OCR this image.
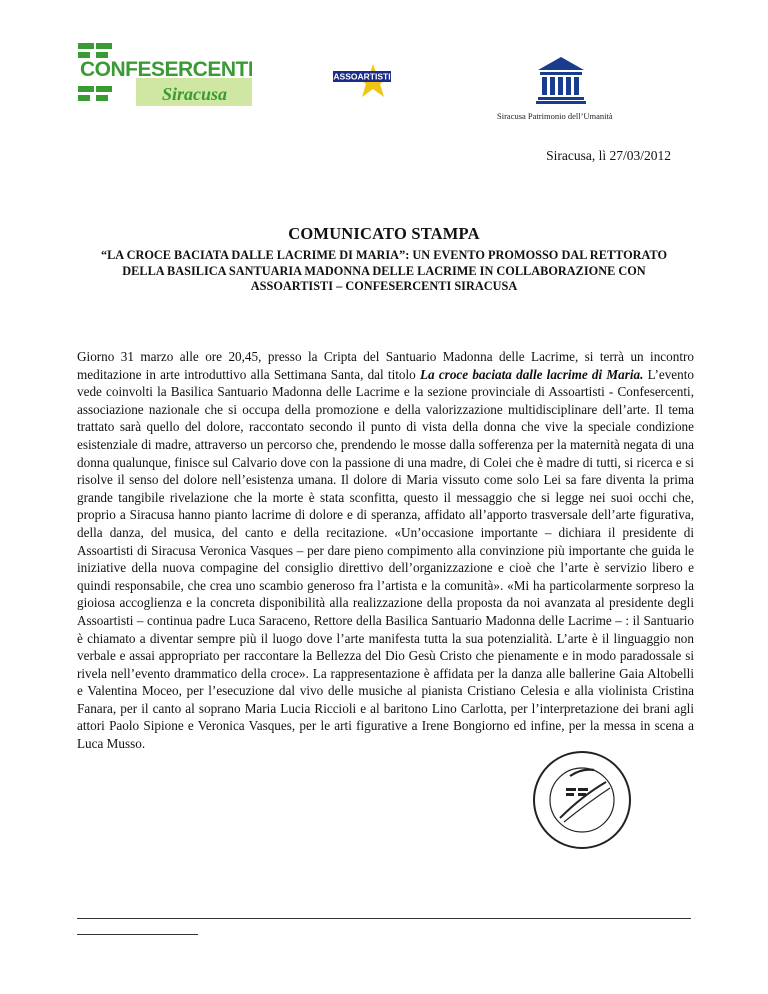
CONFESERCENTI
Siracusa
ASSOARTISTI
Siracusa Patrimonio dell’Umanità
Siracusa, lì 27/03/2012
COMUNICATO STAMPA
“LA CROCE BACIATA DALLE LACRIME DI MARIA”: UN EVENTO PROMOSSO DAL RETTORATO DELLA BASILICA SANTUARIA MADONNA DELLE LACRIME IN COLLABORAZIONE CON ASSOARTISTI – CONFESERCENTI SIRACUSA
Giorno 31 marzo alle ore 20,45, presso la Cripta del Santuario Madonna delle Lacrime, si terrà un incontro meditazione in arte introduttivo alla Settimana Santa, dal titolo La croce baciata dalle lacrime di Maria. L’evento vede coinvolti la Basilica Santuario Madonna delle Lacrime e la sezione provinciale di Assoartisti - Confesercenti, associazione nazionale che si occupa della promozione e della valorizzazione multidisciplinare dell’arte. Il tema trattato sarà quello del dolore, raccontato secondo il punto di vista della donna che vive la speciale condizione esistenziale di madre, attraverso un percorso che, prendendo le mosse dalla sofferenza per la maternità negata di una donna qualunque, finisce sul Calvario dove con la passione di una madre, di Colei che è madre di tutti, si ricerca e si risolve il senso del dolore nell’esistenza umana. Il dolore di Maria vissuto come solo Lei sa fare diventa la prima grande tangibile rivelazione che la morte è stata sconfitta, questo il messaggio che si legge nei suoi occhi che, proprio a Siracusa hanno pianto lacrime di dolore e di speranza, affidato all’apporto trasversale dell’arte figurativa, della danza, del musica, del canto e della recitazione. «Un’occasione importante – dichiara il presidente di Assoartisti di Siracusa Veronica Vasques – per dare pieno compimento alla convinzione più importante che guida le iniziative della nuova compagine del consiglio direttivo dell’organizzazione e cioè che l’arte è servizio libero e quindi responsabile, che crea uno scambio generoso fra l’artista e la comunità». «Mi ha particolarmente sorpreso la gioiosa accoglienza e la concreta disponibilità alla realizzazione della proposta da noi avanzata al presidente degli Assoartisti – continua padre Luca Saraceno, Rettore della Basilica Santuario Madonna delle Lacrime – : il Santuario è chiamato a diventar sempre più il luogo dove l’arte manifesta tutta la sua potenzialità. L’arte è il linguaggio non verbale e assai appropriato per raccontare la Bellezza del Dio Gesù Cristo che pienamente e in modo paradossale si rivela nell’evento drammatico della croce». La rappresentazione è affidata per la danza alle ballerine Gaia Altobelli e Valentina Moceo, per l’esecuzione dal vivo delle musiche al pianista Cristiano Celesia e alla violinista Cristina Fanara, per il canto al soprano Maria Lucia Riccioli e al baritono Lino Carlotta, per l’interpretazione dei brani agli attori Paolo Sipione e Veronica Vasques, per le arti figurative a Irene Bongiorno ed infine, per la messa in scena a Luca Musso.
